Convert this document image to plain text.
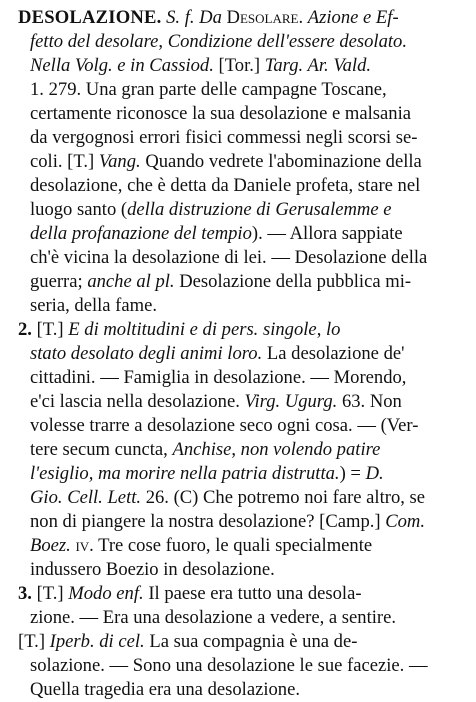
DESOLAZIONE. S. f. Da Desolare. Azione e Ef-
fetto del desolare, Condizione dell'essere desolato.
Nella Volg. e in Cassiod. [Tor.] Targ. Ar. Vald.
1. 279. Una gran parte delle campagne Toscane,
certamente riconosce la sua desolazione e malsania
da vergognosi errori fisici commessi negli scorsi se-
coli. [T.] Vang. Quando vedrete l'abominazione della
desolazione, che è detta da Daniele profeta, stare nel
luogo santo (della distruzione di Gerusalemme e
della profanazione del tempio). — Allora sappiate
ch'è vicina la desolazione di lei. — Desolazione della
guerra; anche al pl. Desolazione della pubblica mi-
seria, della fame.
2. [T.] E di moltitudini e di pers. singole, lo
stato desolato degli animi loro. La desolazione de'
cittadini. — Famiglia in desolazione. — Morendo,
e'ci lascia nella desolazione. Virg. Ugurg. 63. Non
volesse trarre a desolazione seco ogni cosa. — (Ver-
tere secum cuncta, Anchise, non volendo patire
l'esiglio, ma morire nella patria distrutta.) = D.
Gio. Cell. Lett. 26. (C) Che potremo noi fare altro, se
non di piangere la nostra desolazione? [Camp.] Com.
Boez. iv. Tre cose fuoro, le quali specialmente
indussero Boezio in desolazione.
3. [T.] Modo enf. Il paese era tutto una desola-
zione. — Era una desolazione a vedere, a sentire.
[T.] Iperb. di cel. La sua compagnia è una de-
solazione. — Sono una desolazione le sue facezie. —
Quella tragedia era una desolazione.
